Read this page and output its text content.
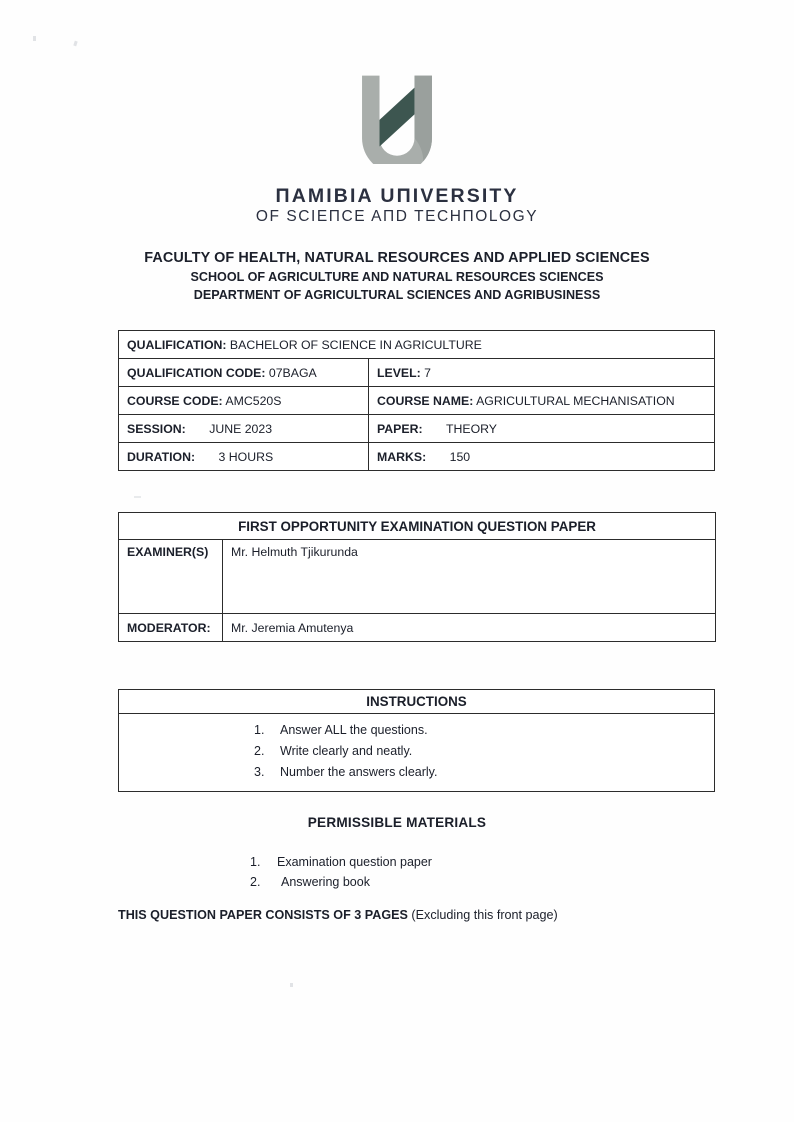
ΠAMIBIA UΠIVERSITY
OF SCIEΠCE AΠD TECHΠOLOGY
FACULTY OF HEALTH, NATURAL RESOURCES AND APPLIED SCIENCES
SCHOOL OF AGRICULTURE AND NATURAL RESOURCES SCIENCES
DEPARTMENT OF AGRICULTURAL SCIENCES AND AGRIBUSINESS
QUALIFICATION: BACHELOR OF SCIENCE IN AGRICULTURE	
QUALIFICATION CODE: 07BAGA	LEVEL: 7
COURSE CODE: AMC520S	COURSE NAME: AGRICULTURAL MECHANISATION
SESSION: JUNE 2023	PAPER: THEORY
DURATION: 3 HOURS	MARKS: 150
FIRST OPPORTUNITY EXAMINATION QUESTION PAPER	
EXAMINER(S)	Mr. Helmuth Tjikurunda
MODERATOR:	Mr. Jeremia Amutenya
INSTRUCTIONS

1.	Answer ALL the questions.
2.	Write clearly and neatly.
3.	Number the answers clearly.
PERMISSIBLE MATERIALS
1.	Examination question paper
2.	Answering book
THIS QUESTION PAPER CONSISTS OF 3 PAGES (Excluding this front page)
